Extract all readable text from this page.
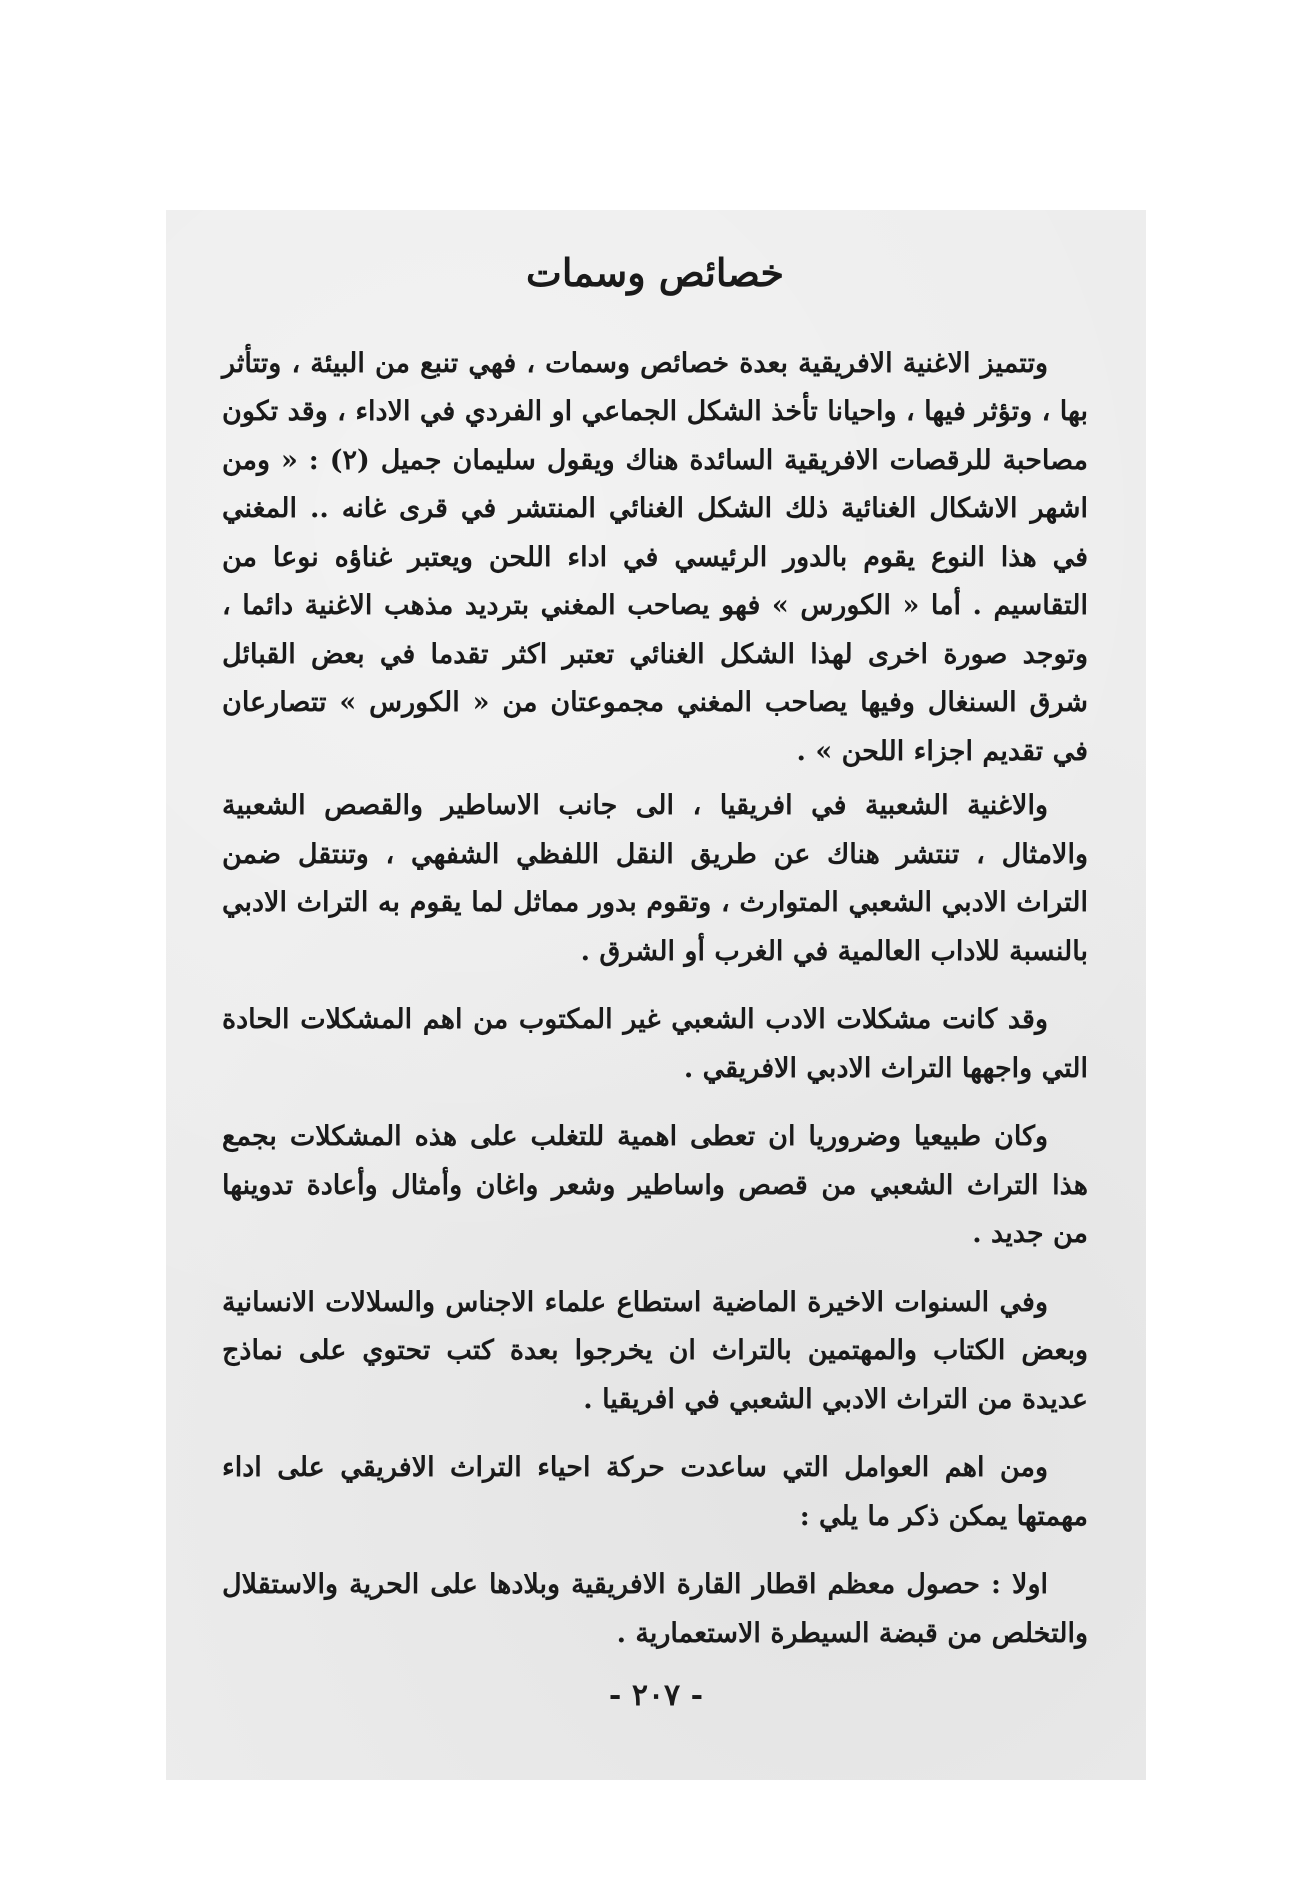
خصائص وسمات

وتتميز الاغنية الافريقية بعدة خصائص وسمات ، فهي تنبع من البيئة ، وتتأثر بها ، وتؤثر فيها ، واحيانا تأخذ الشكل الجماعي او الفردي في الاداء ، وقد تكون مصاحبة للرقصات الافريقية السائدة هناك ويقول سليمان جميل (٢) : « ومن اشهر الاشكال الغنائية ذلك الشكل الغنائي المنتشر في قرى غانه .. المغني في هذا النوع يقوم بالدور الرئيسي في اداء اللحن ويعتبر غناؤه نوعا من التقاسيم . أما « الكورس » فهو يصاحب المغني بترديد مذهب الاغنية دائما ، وتوجد صورة اخرى لهذا الشكل الغنائي تعتبر اكثر تقدما في بعض القبائل شرق السنغال وفيها يصاحب المغني مجموعتان من « الكورس » تتصارعان في تقديم اجزاء اللحن » .

والاغنية الشعبية في افريقيا ، الى جانب الاساطير والقصص الشعبية والامثال ، تنتشر هناك عن طريق النقل اللفظي الشفهي ، وتنتقل ضمن التراث الادبي الشعبي المتوارث ، وتقوم بدور مماثل لما يقوم به التراث الادبي بالنسبة للاداب العالمية في الغرب أو الشرق .

وقد كانت مشكلات الادب الشعبي غير المكتوب من اهم المشكلات الحادة التي واجهها التراث الادبي الافريقي .

وكان طبيعيا وضروريا ان تعطى اهمية للتغلب على هذه المشكلات بجمع هذا التراث الشعبي من قصص واساطير وشعر واغان وأمثال وأعادة تدوينها من جديد .

وفي السنوات الاخيرة الماضية استطاع علماء الاجناس والسلالات الانسانية وبعض الكتاب والمهتمين بالتراث ان يخرجوا بعدة كتب تحتوي على نماذج عديدة من التراث الادبي الشعبي في افريقيا .

ومن اهم العوامل التي ساعدت حركة احياء التراث الافريقي على اداء مهمتها يمكن ذكر ما يلي :

اولا : حصول معظم اقطار القارة الافريقية وبلادها على الحرية والاستقلال والتخلص من قبضة السيطرة الاستعمارية .

- ٢٠٧ -
